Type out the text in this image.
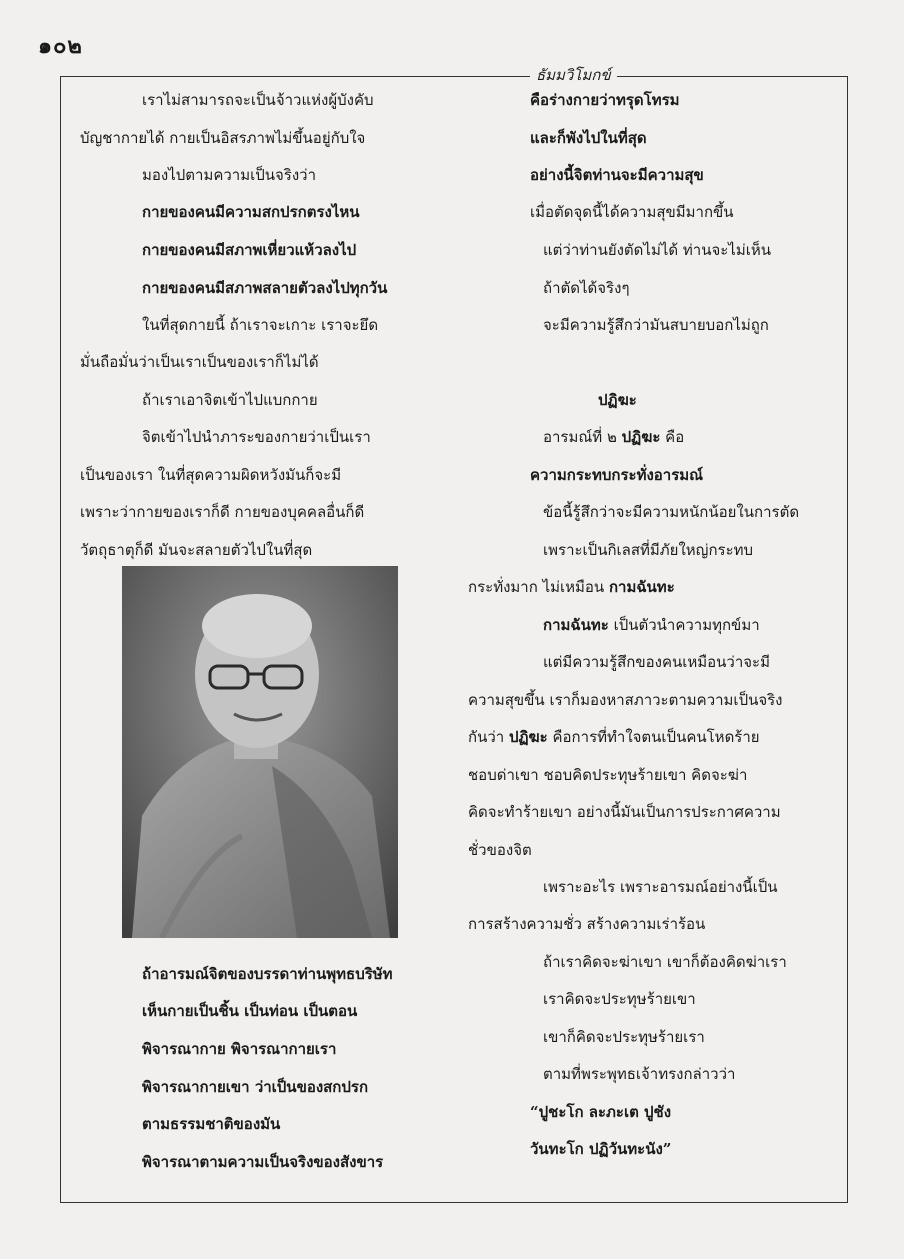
๑๐๒
ธัมมวิโมกข์
เราไม่สามารถจะเป็นจ้าวแห่งผู้บังคับ
บัญชากายได้ กายเป็นอิสรภาพไม่ขึ้นอยู่กับใจ
มองไปตามความเป็นจริงว่า
กายของคนมีความสกปรกตรงไหน
กายของคนมีสภาพเหี่ยวแห้วลงไป
กายของคนมีสภาพสลายตัวลงไปทุกวัน
ในที่สุดกายนี้ ถ้าเราจะเกาะ เราจะยึด
มั่นถือมั่นว่าเป็นเราเป็นของเราก็ไม่ได้
ถ้าเราเอาจิตเข้าไปแบกกาย
จิตเข้าไปนำภาระของกายว่าเป็นเรา
เป็นของเรา ในที่สุดความผิดหวังมันก็จะมี
เพราะว่ากายของเราก็ดี กายของบุคคลอื่นก็ดี
วัตถุธาตุก็ดี มันจะสลายตัวไปในที่สุด
ถ้าอารมณ์จิตของบรรดาท่านพุทธบริษัท
เห็นกายเป็นชิ้น เป็นท่อน เป็นตอน
พิจารณากาย พิจารณากายเรา
พิจารณากายเขา ว่าเป็นของสกปรก
ตามธรรมชาติของมัน
พิจารณาตามความเป็นจริงของสังขาร
คือร่างกายว่าทรุดโทรม
และก็พังไปในที่สุด
อย่างนี้จิตท่านจะมีความสุข
เมื่อตัดจุดนี้ได้ความสุขมีมากขึ้น
แต่ว่าท่านยังตัดไม่ได้ ท่านจะไม่เห็น
ถ้าตัดได้จริงๆ
จะมีความรู้สึกว่ามันสบายบอกไม่ถูก
ปฏิฆะ
อารมณ์ที่ ๒ ปฏิฆะ คือ
ความกระทบกระทั่งอารมณ์
ข้อนี้รู้สึกว่าจะมีความหนักน้อยในการตัด
เพราะเป็นกิเลสที่มีภัยใหญ่กระทบ
กระทั่งมาก ไม่เหมือน กามฉันทะ
กามฉันทะ เป็นตัวนำความทุกข์มา
แต่มีความรู้สึกของคนเหมือนว่าจะมี
ความสุขขึ้น เราก็มองหาสภาวะตามความเป็นจริง
กันว่า ปฏิฆะ คือการที่ทำใจตนเป็นคนโหดร้าย
ชอบด่าเขา ชอบคิดประทุษร้ายเขา คิดจะฆ่า
คิดจะทำร้ายเขา อย่างนี้มันเป็นการประกาศความ
ชั่วของจิต
เพราะอะไร เพราะอารมณ์อย่างนี้เป็น
การสร้างความชั่ว สร้างความเร่าร้อน
ถ้าเราคิดจะฆ่าเขา เขาก็ต้องคิดฆ่าเรา
เราคิดจะประทุษร้ายเขา
เขาก็คิดจะประทุษร้ายเรา
ตามที่พระพุทธเจ้าทรงกล่าวว่า
“ปูชะโก ละภะเต ปูชัง
วันทะโก ปฏิวันทะนัง”
